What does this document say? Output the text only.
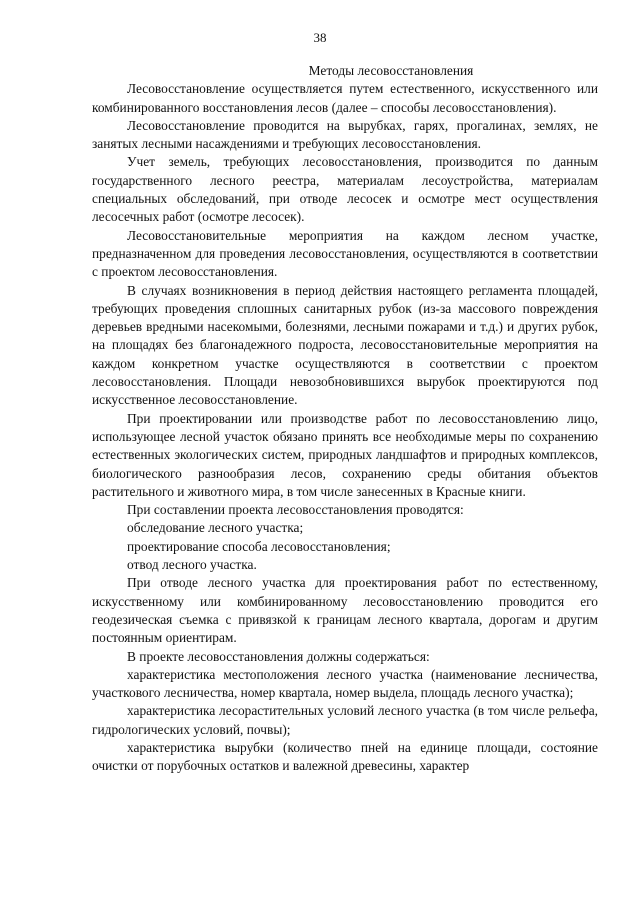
38

Методы лесовосстановления

Лесовосстановление осуществляется путем естественного, искусственного или комбинированного восстановления лесов (далее – способы лесовосстановления).

Лесовосстановление проводится на вырубках, гарях, прогалинах, землях, не занятых лесными насаждениями и требующих лесовосстановления.

Учет земель, требующих лесовосстановления, производится по данным государственного лесного реестра, материалам лесоустройства, материалам специальных обследований, при отводе лесосек и осмотре мест осуществления лесосечных работ (осмотре лесосек).

Лесовосстановительные мероприятия на каждом лесном участке, предназначенном для проведения лесовосстановления, осуществляются в соответствии с проектом лесовосстановления.

В случаях возникновения в период действия настоящего регламента площадей, требующих проведения сплошных санитарных рубок (из-за массового повреждения деревьев вредными насекомыми, болезнями, лесными пожарами и т.д.) и других рубок, на площадях без благонадежного подроста, лесовосстановительные мероприятия на каждом конкретном участке осуществляются в соответствии с проектом лесовосстановления. Площади невозобновившихся вырубок проектируются под искусственное лесовосстановление.

При проектировании или производстве работ по лесовосстановлению лицо, использующее лесной участок обязано принять все необходимые меры по сохранению естественных экологических систем, природных ландшафтов и природных комплексов, биологического разнообразия лесов, сохранению среды обитания объектов растительного и животного мира, в том числе занесенных в Красные книги.

При составлении проекта лесовосстановления проводятся:

обследование лесного участка;

проектирование способа лесовосстановления;

отвод лесного участка.

При отводе лесного участка для проектирования работ по естественному, искусственному или комбинированному лесовосстановлению проводится его геодезическая съемка с привязкой к границам лесного квартала, дорогам и другим постоянным ориентирам.

В проекте лесовосстановления должны содержаться:

характеристика местоположения лесного участка (наименование лесничества, участкового лесничества, номер квартала, номер выдела, площадь лесного участка);

характеристика лесорастительных условий лесного участка (в том числе рельефа, гидрологических условий, почвы);

характеристика вырубки (количество пней на единице площади, состояние очистки от порубочных остатков и валежной древесины, характер
